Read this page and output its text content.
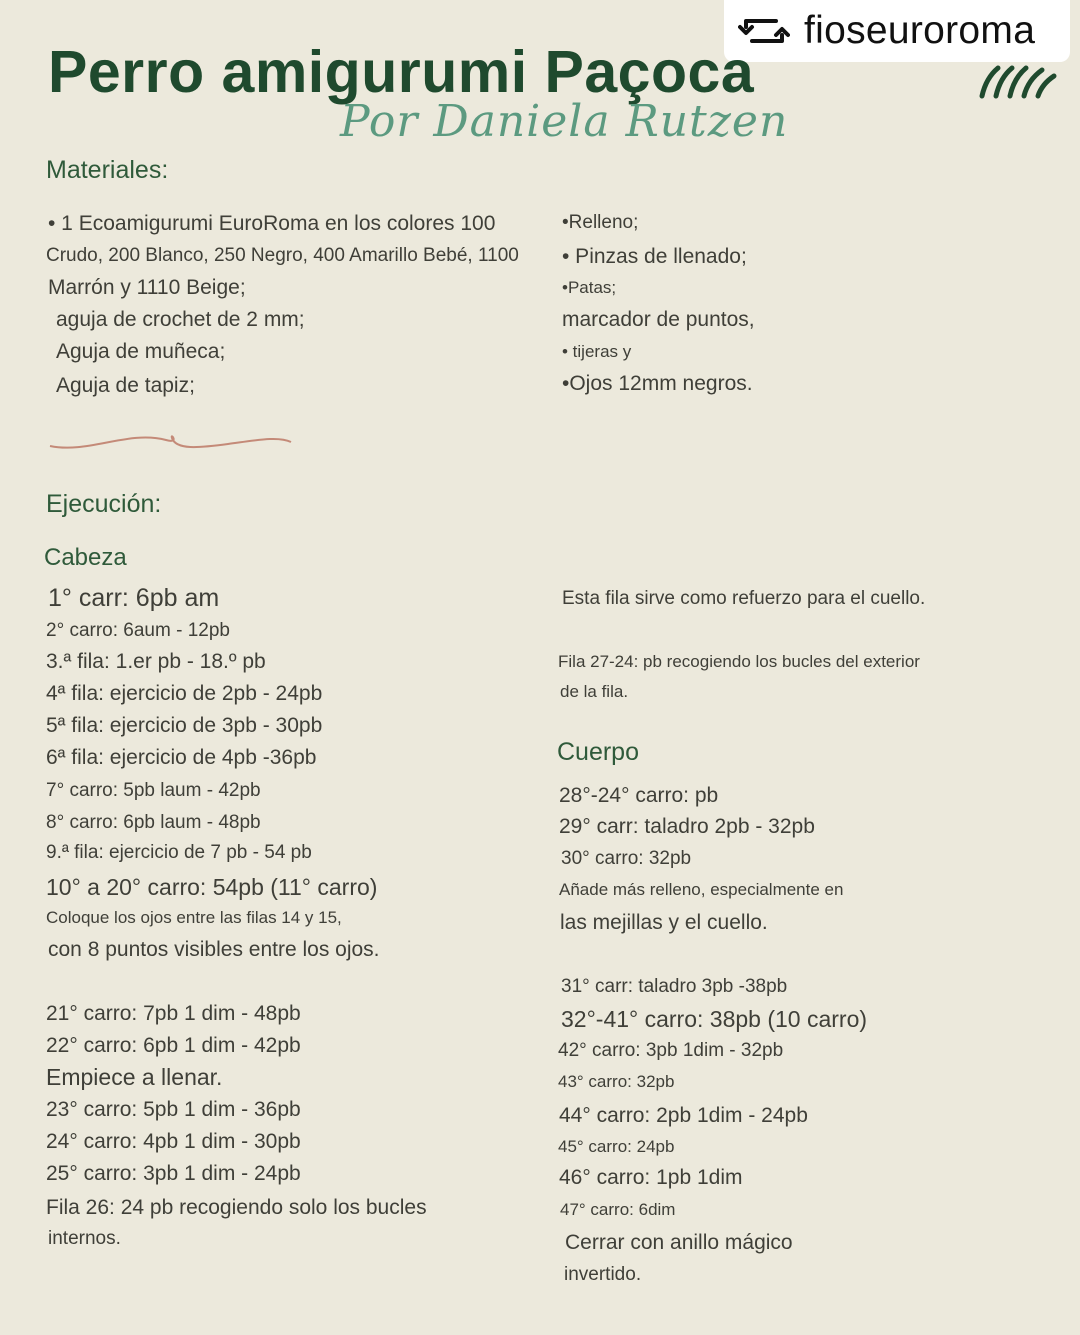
fioseuroroma
Perro amigurumi Paçoca
Por Daniela Rutzen
Materiales:
• 1 Ecoamigurumi EuroRoma en los colores 100
Crudo, 200 Blanco, 250 Negro, 400 Amarillo Bebé, 1100
Marrón y 1110 Beige;
aguja de crochet de 2 mm;
Aguja de muñeca;
Aguja de tapiz;
•Relleno;
• Pinzas de llenado;
•Patas;
marcador de puntos,
• tijeras y
•Ojos 12mm negros.
Ejecución:
Cabeza
1° carr: 6pb am
2° carro: 6aum - 12pb
3.ª fila: 1.er pb - 18.º pb
4ª fila: ejercicio de 2pb - 24pb
5ª fila: ejercicio de 3pb - 30pb
6ª fila: ejercicio de 4pb -36pb
7° carro: 5pb laum - 42pb
8° carro: 6pb laum - 48pb
9.ª fila: ejercicio de 7 pb - 54 pb
10° a 20° carro: 54pb (11° carro)
Coloque los ojos entre las filas 14 y 15,
con 8 puntos visibles entre los ojos.
21° carro: 7pb 1 dim - 48pb
22° carro: 6pb 1 dim - 42pb
Empiece a llenar.
23° carro: 5pb 1 dim - 36pb
24° carro: 4pb 1 dim - 30pb
25° carro: 3pb 1 dim - 24pb
Fila 26: 24 pb recogiendo solo los bucles
internos.
Esta fila sirve como refuerzo para el cuello.
Fila 27-24: pb recogiendo los bucles del exterior
de la fila.
Cuerpo
28°-24° carro: pb
29° carr: taladro 2pb - 32pb
30° carro: 32pb
Añade más relleno, especialmente en
las mejillas y el cuello.
31° carr: taladro 3pb -38pb
32°-41° carro: 38pb (10 carro)
42° carro: 3pb 1dim - 32pb
43° carro: 32pb
44° carro: 2pb 1dim - 24pb
45° carro: 24pb
46° carro: 1pb 1dim
47° carro: 6dim
Cerrar con anillo mágico
invertido.
